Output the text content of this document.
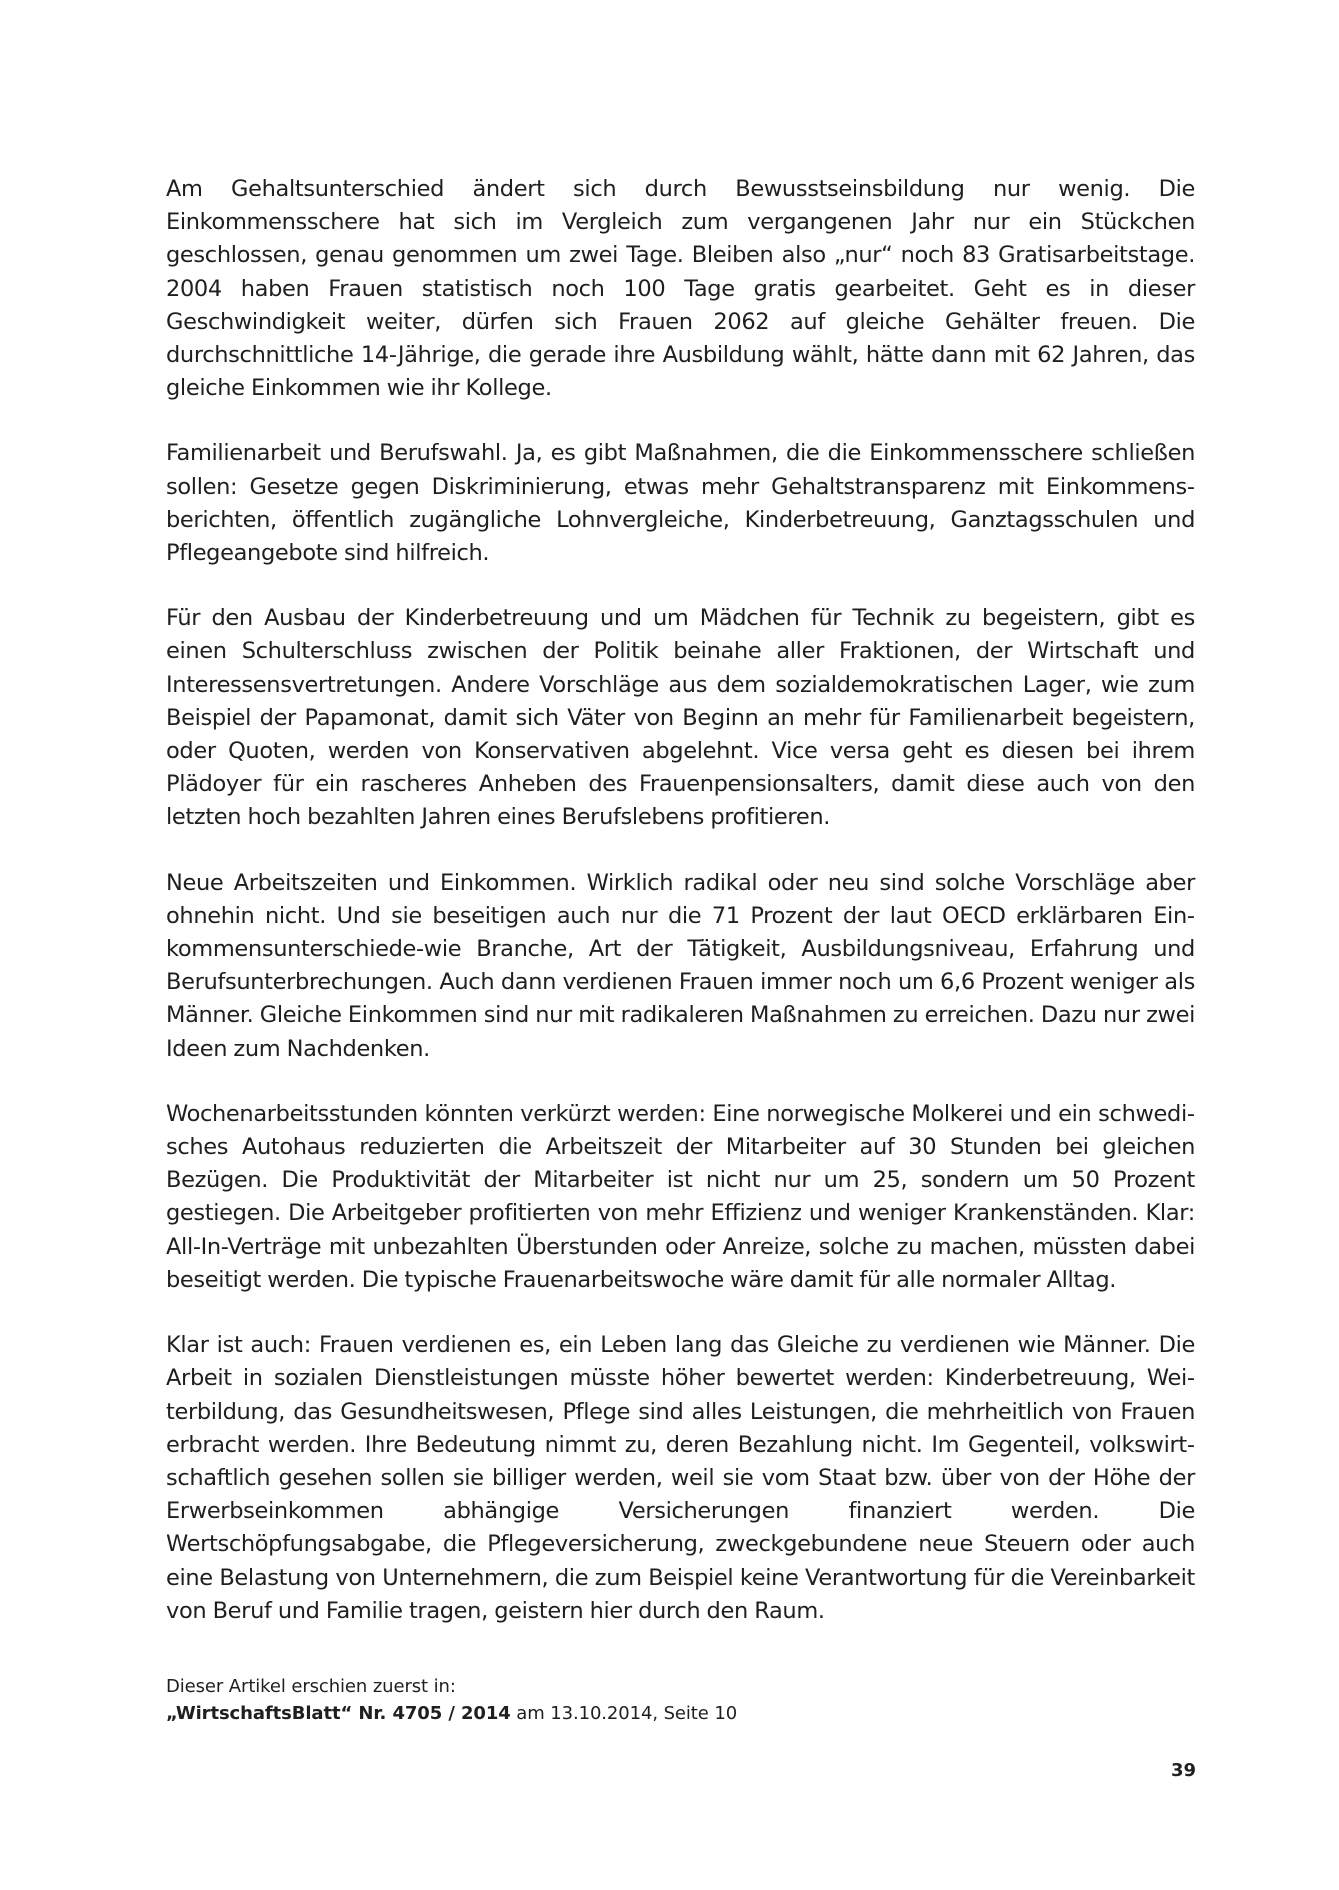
Am Gehaltsunterschied ändert sich durch Bewusstseinsbildung nur wenig. Die Einkommensschere hat sich im Vergleich zum vergangenen Jahr nur ein Stückchen geschlossen, genau genommen um zwei Tage. Bleiben also „nur“ noch 83 Gratisarbeitstage. 2004 haben Frauen statistisch noch 100 Tage gratis gearbeitet. Geht es in dieser Geschwindigkeit weiter, dürfen sich Frauen 2062 auf gleiche Gehälter freuen. Die durchschnittliche 14-Jährige, die gerade ihre Ausbildung wählt, hätte dann mit 62 Jahren, das gleiche Einkommen wie ihr Kollege.

Familienarbeit und Berufswahl. Ja, es gibt Maßnahmen, die die Einkommensschere schließen sollen: Gesetze gegen Diskriminierung, etwas mehr Gehaltstransparenz mit Einkommensberichten, öffentlich zugängliche Lohnvergleiche, Kinderbetreuung, Ganztagsschulen und Pflegeangebote sind hilfreich.

Für den Ausbau der Kinderbetreuung und um Mädchen für Technik zu begeistern, gibt es einen Schulterschluss zwischen der Politik beinahe aller Fraktionen, der Wirtschaft und Interessensvertretungen. Andere Vorschläge aus dem sozialdemokratischen Lager, wie zum Beispiel der Papamonat, damit sich Väter von Beginn an mehr für Familienarbeit begeistern, oder Quoten, werden von Konservativen abgelehnt. Vice versa geht es diesen bei ihrem Plädoyer für ein rascheres Anheben des Frauenpensionsalters, damit diese auch von den letzten hoch bezahlten Jahren eines Berufslebens profitieren.

Neue Arbeitszeiten und Einkommen. Wirklich radikal oder neu sind solche Vorschläge aber ohnehin nicht. Und sie beseitigen auch nur die 71 Prozent der laut OECD erklärbaren Einkommensunterschiede-wie Branche, Art der Tätigkeit, Ausbildungsniveau, Erfahrung und Berufsunterbrechungen. Auch dann verdienen Frauen immer noch um 6,6 Prozent weniger als Männer. Gleiche Einkommen sind nur mit radikaleren Maßnahmen zu erreichen. Dazu nur zwei Ideen zum Nachdenken.

Wochenarbeitsstunden könnten verkürzt werden: Eine norwegische Molkerei und ein schwedisches Autohaus reduzierten die Arbeitszeit der Mitarbeiter auf 30 Stunden bei gleichen Bezügen. Die Produktivität der Mitarbeiter ist nicht nur um 25, sondern um 50 Prozent gestiegen. Die Arbeitgeber profitierten von mehr Effizienz und weniger Krankenständen. Klar: All-In-Verträge mit unbezahlten Überstunden oder Anreize, solche zu machen, müssten dabei beseitigt werden. Die typische Frauenarbeitswoche wäre damit für alle normaler Alltag.

Klar ist auch: Frauen verdienen es, ein Leben lang das Gleiche zu verdienen wie Männer. Die Arbeit in sozialen Dienstleistungen müsste höher bewertet werden: Kinderbetreuung, Weiterbildung, das Gesundheitswesen, Pflege sind alles Leistungen, die mehrheitlich von Frauen erbracht werden. Ihre Bedeutung nimmt zu, deren Bezahlung nicht. Im Gegenteil, volkswirtschaftlich gesehen sollen sie billiger werden, weil sie vom Staat bzw. über von der Höhe der Erwerbseinkommen abhängige Versicherungen finanziert werden. Die Wertschöpfungsabgabe, die Pflegeversicherung, zweckgebundene neue Steuern oder auch eine Belastung von Unternehmern, die zum Beispiel keine Verantwortung für die Vereinbarkeit von Beruf und Familie tragen, geistern hier durch den Raum.

Dieser Artikel erschien zuerst in:
„WirtschaftsBlatt“ Nr. 4705 / 2014 am 13.10.2014, Seite 10
39
